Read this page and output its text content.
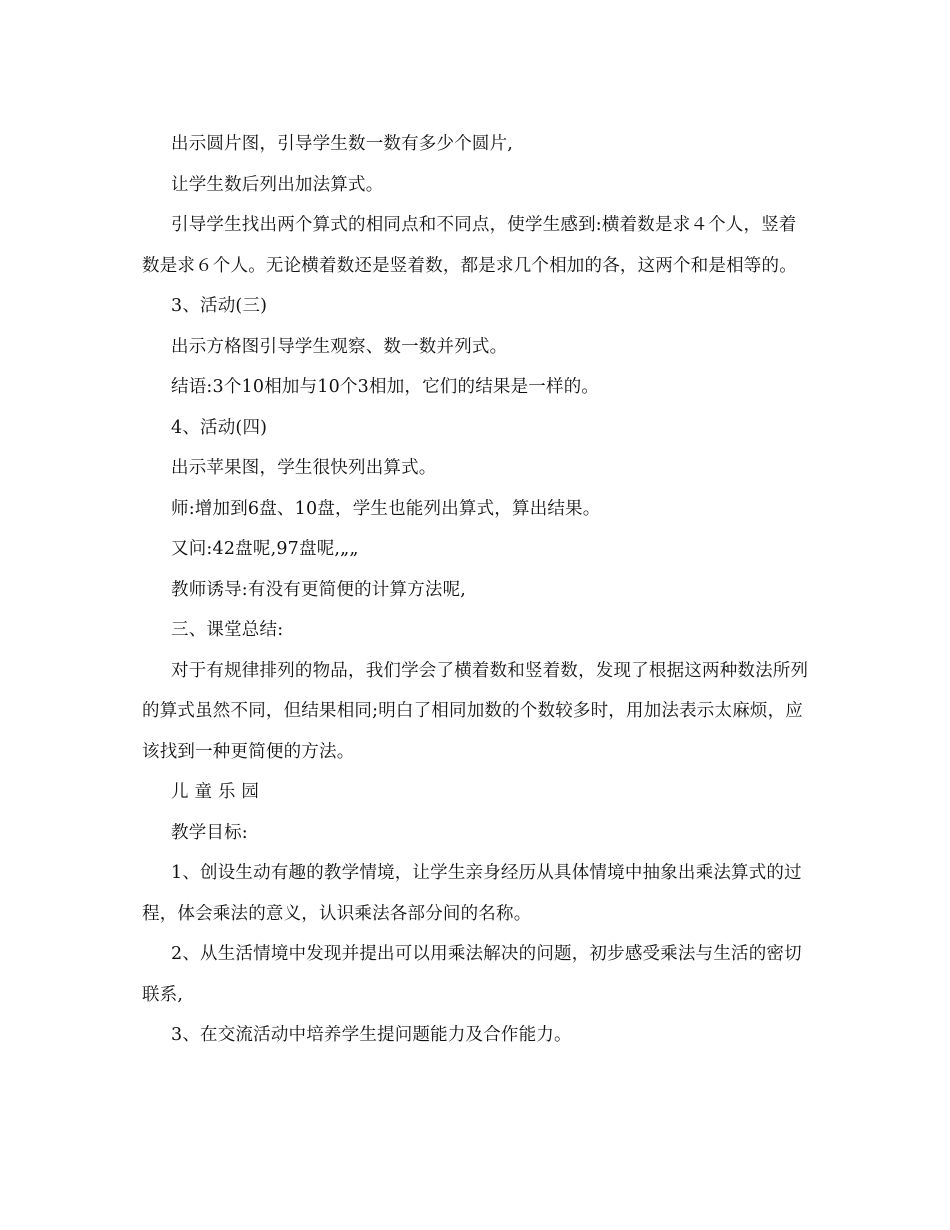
出示圆片图，引导学生数一数有多少个圆片,

让学生数后列出加法算式。

引导学生找出两个算式的相同点和不同点，使学生感到:横着数是求４个人，竖着数是求６个人。无论横着数还是竖着数，都是求几个相加的各，这两个和是相等的。

3、活动(三)

出示方格图引导学生观察、数一数并列式。

结语:3个10相加与10个3相加，它们的结果是一样的。

4、活动(四)

出示苹果图，学生很快列出算式。

师:增加到6盘、10盘，学生也能列出算式，算出结果。

又问:42盘呢,97盘呢,„„

教师诱导:有没有更简便的计算方法呢,

三、课堂总结:

对于有规律排列的物品，我们学会了横着数和竖着数，发现了根据这两种数法所列的算式虽然不同，但结果相同;明白了相同加数的个数较多时，用加法表示太麻烦，应该找到一种更简便的方法。

儿 童 乐 园

教学目标:

1、创设生动有趣的教学情境，让学生亲身经历从具体情境中抽象出乘法算式的过程，体会乘法的意义，认识乘法各部分间的名称。

2、从生活情境中发现并提出可以用乘法解决的问题，初步感受乘法与生活的密切联系,

3、在交流活动中培养学生提问题能力及合作能力。
